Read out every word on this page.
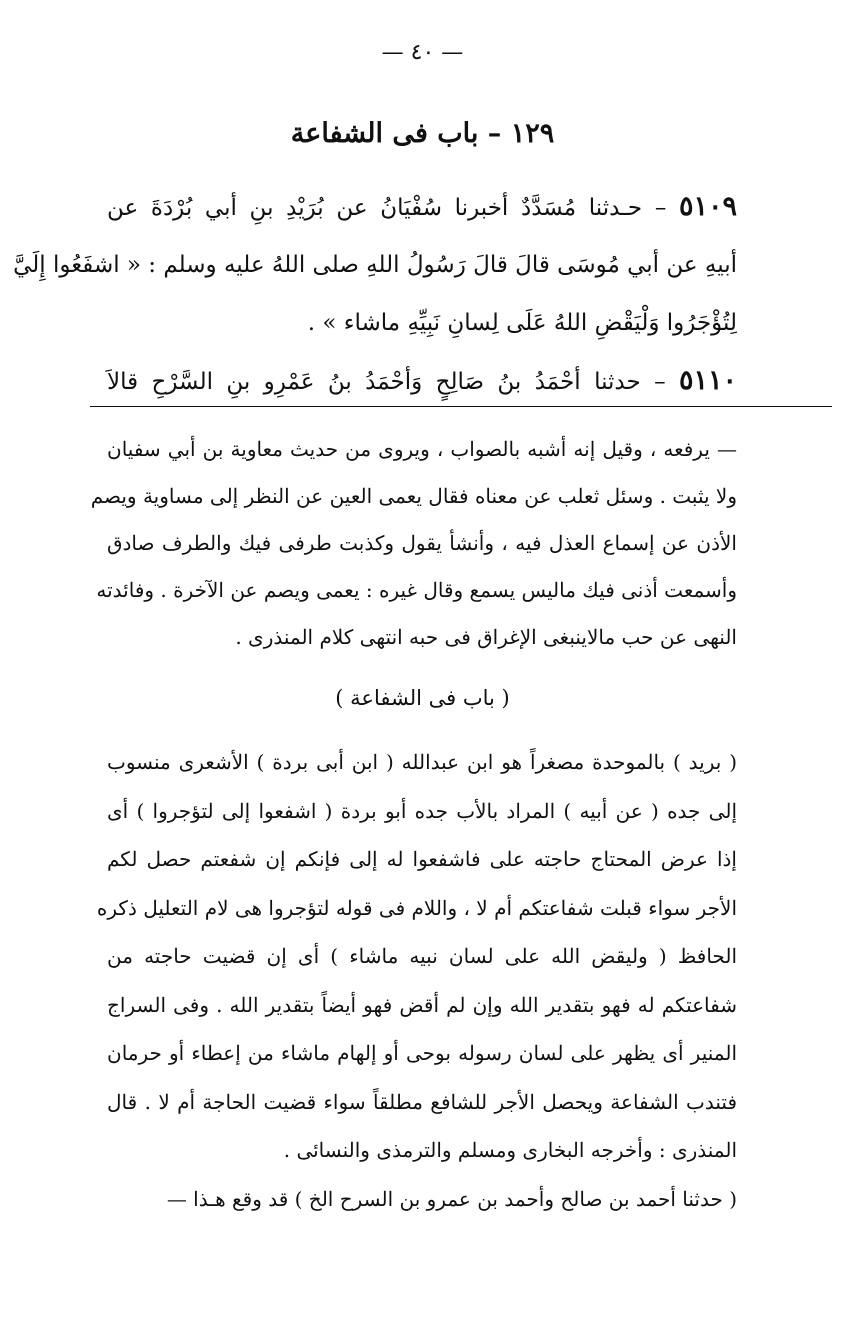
— ٤٠ —
١٢٩ – باب فى الشفاعة
٥١٠٩ – حـدثنا مُسَدَّدٌ أخبرنا سُفْيَانُ عن بُرَيْدِ بنِ أبي بُرْدَةَ عن
أبيهِ عن أبي مُوسَى قالَ قالَ رَسُولُ اللهِ صلى اللهُ عليه وسلم : « اشفَعُوا إِلَيَّ
لِتُؤْجَرُوا وَلْيَقْضِ اللهُ عَلَى لِسانِ نَبِيِّهِ ماشاء » .
٥١١٠ – حدثنا أحْمَدُ بنُ صَالِحٍ وَأحْمَدُ بنُ عَمْرِو بنِ السَّرْحِ قالاَ
— يرفعه ، وقيل إنه أشبه بالصواب ، ويروى من حديث معاوية بن أبي سفيان
ولا يثبت . وسئل ثعلب عن معناه فقال يعمى العين عن النظر إلى مساوية ويصم
الأذن عن إسماع العذل فيه ، وأنشأ يقول وكذبت طرفى فيك والطرف صادق
وأسمعت أذنى فيك ماليس يسمع وقال غيره : يعمى ويصم عن الآخرة . وفائدته
النهى عن حب مالاينبغى الإغراق فى حبه انتهى كلام المنذرى .
( باب فى الشفاعة )
( بريد ) بالموحدة مصغراً هو ابن عبدالله ( ابن أبى بردة ) الأشعرى منسوب
إلى جده ( عن أبيه ) المراد بالأب جده أبو بردة ( اشفعوا إلى لتؤجروا ) أى
إذا عرض المحتاج حاجته على فاشفعوا له إلى فإنكم إن شفعتم حصل لكم
الأجر سواء قبلت شفاعتكم أم لا ، واللام فى قوله لتؤجروا هى لام التعليل ذكره
الحافظ ( وليقض الله على لسان نبيه ماشاء ) أى إن قضيت حاجته من
شفاعتكم له فهو بتقدير الله وإن لم أقض فهو أيضاً بتقدير الله . وفى السراج
المنير أى يظهر على لسان رسوله بوحى أو إلهام ماشاء من إعطاء أو حرمان
فتندب الشفاعة ويحصل الأجر للشافع مطلقاً سواء قضيت الحاجة أم لا . قال
المنذرى : وأخرجه البخارى ومسلم والترمذى والنسائى .
( حدثنا أحمد بن صالح وأحمد بن عمرو بن السرح الخ ) قد وقع هـذا —
